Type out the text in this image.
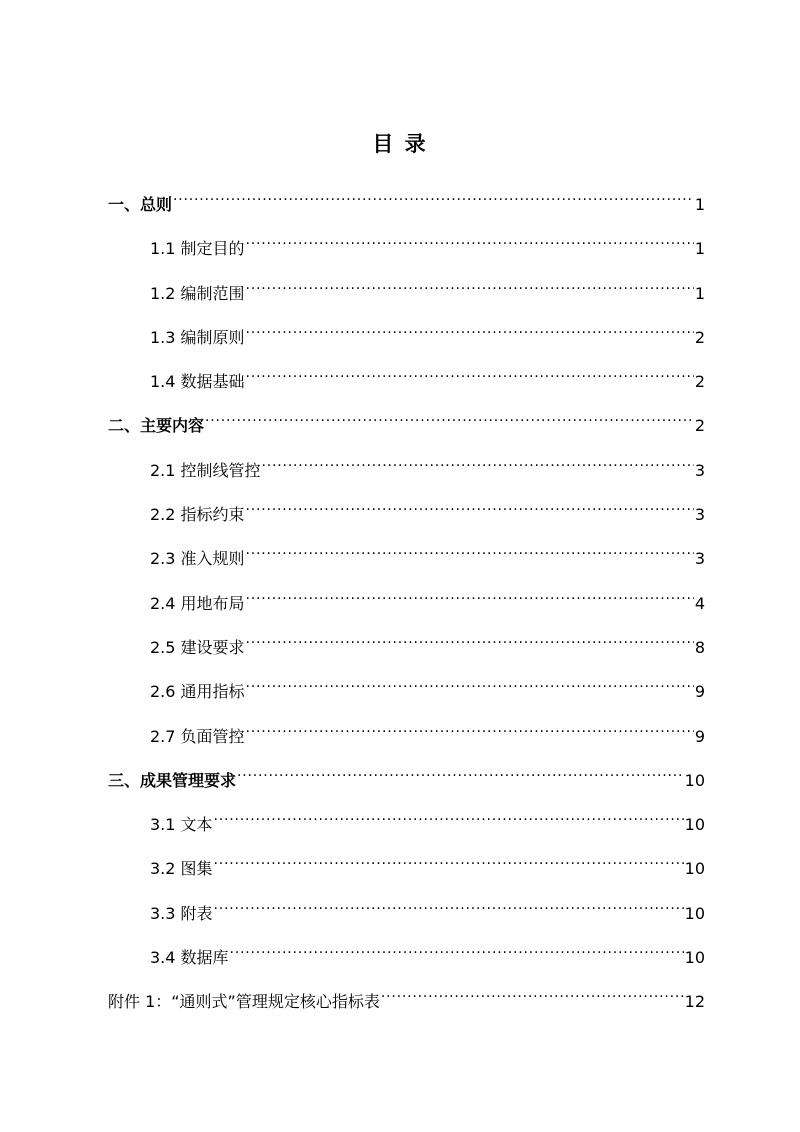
目 录
一、总则 .....	1
1.1 制定目的 .....	1
1.2 编制范围 .....	1
1.3 编制原则 .....	2
1.4 数据基础 .....	2
二、主要内容 .....	2
2.1 控制线管控 .....	3
2.2 指标约束 .....	3
2.3 准入规则 .....	3
2.4 用地布局 .....	4
2.5 建设要求 .....	8
2.6 通用指标 .....	9
2.7 负面管控 .....	9
三、成果管理要求 .....	10
3.1 文本 .....	10
3.2 图集 .....	10
3.3 附表 .....	10
3.4 数据库 .....	10
附件 1：“通则式”管理规定核心指标表 .....	12
